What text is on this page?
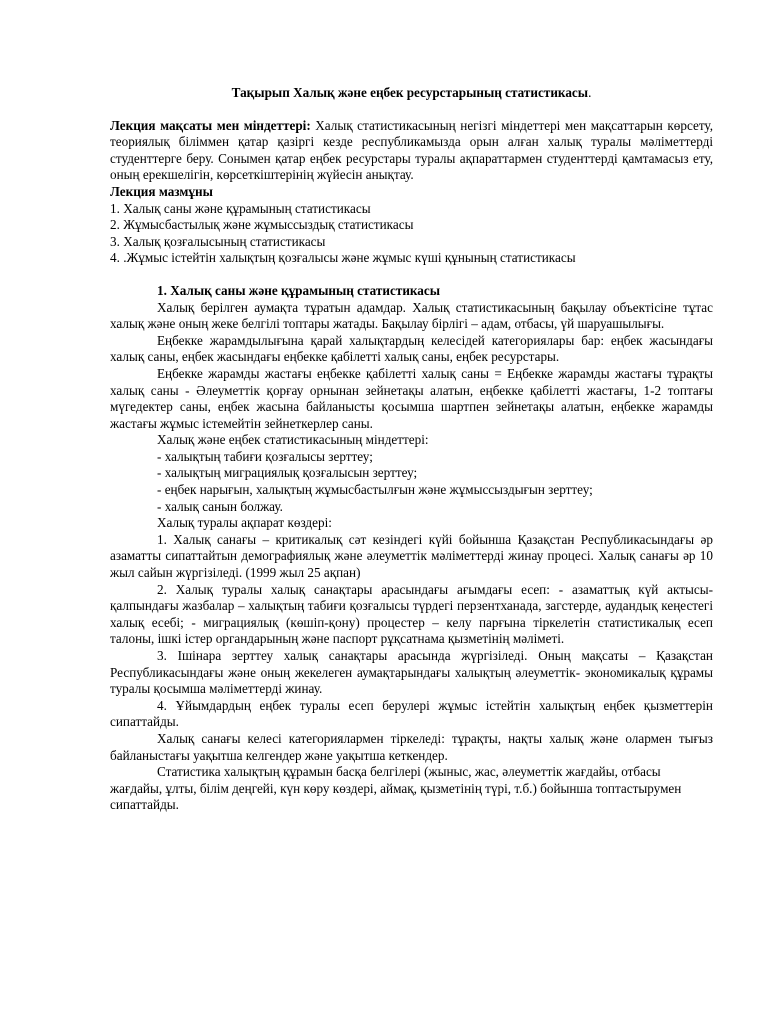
Тақырып Халық және еңбек ресурстарының статистикасы.

Лекция мақсаты мен міндеттері: Халық статистикасының негізгі міндеттері мен мақсаттарын көрсету, теориялық біліммен қатар қазіргі кезде республикамызда орын алған халық туралы мәліметтерді студенттерге беру. Сонымен қатар еңбек ресурстары туралы ақпараттармен студенттерді қамтамасыз ету, оның ерекшелігін, көрсеткіштерінің жүйесін анықтау.

Лекция мазмұны

1. Халық саны және құрамының статистикасы

2. Жұмысбастылық және жұмыссыздық статистикасы

3. Халық қозғалысының статистикасы

4. .Жұмыс істейтін халықтың қозғалысы және жұмыс күші құнының статистикасы

1. Халық саны және құрамының статистикасы

Халық берілген аумақта тұратын адамдар. Халық статистикасының бақылау объектісіне тұтас халық және оның жеке белгілі топтары жатады. Бақылау бірлігі – адам, отбасы, үй шаруашылығы.

Еңбекке жарамдылығына қарай халықтардың келесідей категориялары бар: еңбек жасындағы халық саны, еңбек жасындағы еңбекке қабілетті халық саны, еңбек ресурстары.

Еңбекке жарамды жастағы еңбекке қабілетті халық саны = Еңбекке жарамды жастағы тұрақты халық саны - Әлеуметтік қорғау орнынан зейнетақы алатын, еңбекке қабілетті жастағы, 1-2 топтағы мүгедектер саны, еңбек жасына байланысты қосымша шартпен зейнетақы алатын, еңбекке жарамды жастағы жұмыс істемейтін зейнеткерлер саны.

Халық және еңбек статистикасының міндеттері:

- халықтың табиғи қозғалысы зерттеу;

- халықтың миграциялық қозғалысын зерттеу;

- еңбек нарығын, халықтың жұмысбастылғын және жұмыссыздығын зерттеу;

- халық санын болжау.

Халық туралы ақпарат көздері:

1. Халық санағы – критикалық сәт кезіндегі күйі бойынша Қазақстан Республикасындағы әр азаматты сипаттайтын демографиялық және әлеуметтік мәліметтерді жинау процесі. Халық санағы әр 10 жыл сайын жүргізіледі. (1999 жыл 25 ақпан)

2. Халық туралы халық санақтары арасындағы ағымдағы есеп: - азаматтық күй актысы- қалпындағы жазбалар – халықтың табиғи қозғалысы түрдегі перзентханада, загстерде, аудандық кеңестегі халық есебі; - миграциялық (көшіп-қону) процестер – келу парғына тіркелетін статистикалық есеп талоны, ішкі істер органдарының және паспорт рұқсатнама қызметінің мәліметі.

3. Ішінара зерттеу халық санақтары арасында жүргізіледі. Оның мақсаты – Қазақстан Республикасындағы және оның жекелеген аумақтарындағы халықтың әлеуметтік- экономикалық құрамы туралы қосымша мәліметтерді жинау.

4. Ұйымдардың еңбек туралы есеп берулері жұмыс істейтін халықтың еңбек қызметтерін сипаттайды.

Халық санағы келесі категориялармен тіркеледі: тұрақты, нақты халық және олармен тығыз байланыстағы уақытша келгендер және уақытша кеткендер.

Статистика халықтың құрамын басқа белгілері (жыныс, жас, әлеуметтік жағдайы, отбасы жағдайы, ұлты, білім деңгейі, күн көру көздері, аймақ, қызметінің түрі, т.б.) бойынша топтастырумен сипаттайды.
